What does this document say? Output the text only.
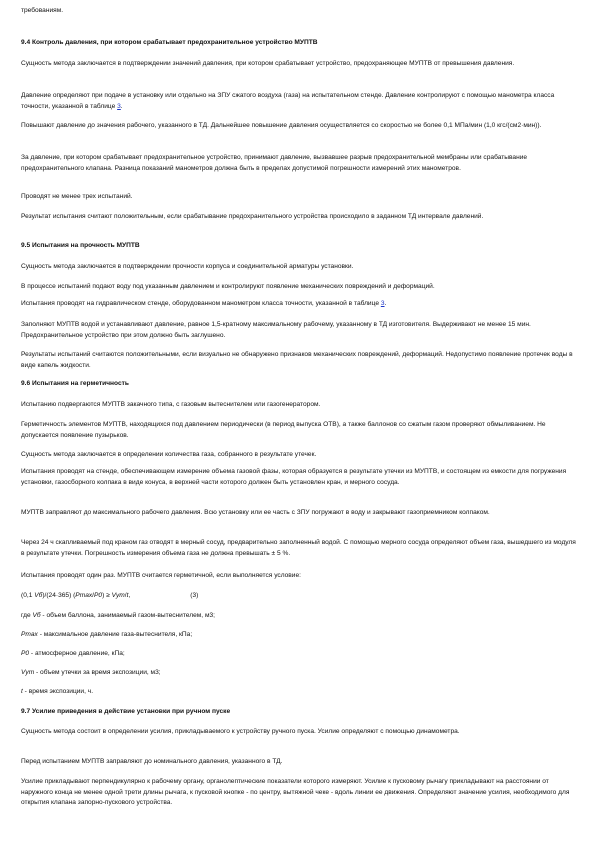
требованиям.

9.4 Контроль давления, при котором срабатывает предохранительное устройство МУПТВ

Сущность метода заключается в подтверждении значений давления, при котором срабатывает устройство, предохраняющее МУПТВ от превышения давления.

Давление определяют при подаче в установку или отдельно на ЗПУ сжатого воздуха (газа) на испытательном стенде. Давление контролируют с помощью манометра класса точности, указанной в таблице 3.

Повышают давление до значения рабочего, указанного в ТД. Дальнейшее повышение давления осуществляется со скоростью не более 0,1 МПа/мин (1,0 кгс/(см2·мин)).

За давление, при котором срабатывает предохранительное устройство, принимают давление, вызвавшее разрыв предохранительной мембраны или срабатывание предохранительного клапана. Разница показаний манометров должна быть в пределах допустимой погрешности измерений этих манометров.

Проводят не менее трех испытаний.

Результат испытания считают положительным, если срабатывание предохранительного устройства происходило в заданном ТД интервале давлений.

9.5 Испытания на прочность МУПТВ

Сущность метода заключается в подтверждении прочности корпуса и соединительной арматуры установки.

В процессе испытаний подают воду под указанным давлением и контролируют появление механических повреждений и деформаций.

Испытания проводят на гидравлическом стенде, оборудованном манометром класса точности, указанной в таблице 3.

Заполняют МУПТВ водой и устанавливают давление, равное 1,5-кратному максимальному рабочему, указанному в ТД изготовителя. Выдерживают не менее 15 мин. Предохранительное устройство при этом должно быть заглушено.

Результаты испытаний считаются положительными, если визуально не обнаружено признаков механических повреждений, деформаций. Недопустимо появление протечек воды в виде капель жидкости.

9.6 Испытания на герметичность

Испытанию подвергаются МУПТВ закачного типа, с газовым вытеснителем или газогенератором.

Герметичность элементов МУПТВ, находящихся под давлением периодически (в период выпуска ОТВ), а также баллонов со сжатым газом проверяют обмыливанием. Не допускается появление пузырьков.

Сущность метода заключается в определении количества газа, собранного в результате утечек.

Испытания проводят на стенде, обеспечивающем измерение объема газовой фазы, которая образуется в результате утечки из МУПТВ, и состоящем из емкости для погружения установки, газосборного колпака в виде конуса, в верхней части которого должен быть установлен кран, и мерного сосуда.

МУПТВ заправляют до максимального рабочего давления. Всю установку или ее часть с ЗПУ погружают в воду и закрывают газоприемником колпаком.

Через 24 ч скапливаемый под краном газ отводят в мерный сосуд, предварительно заполненный водой. С помощью мерного сосуда определяют объем газа, вышедшего из модуля в результате утечки. Погрешность измерения объема газа не должна превышать ± 5 %.

Испытания проводят один раз. МУПТВ считается герметичной, если выполняется условие:

(0,1 Vб)/(24·365) (Pmax/P0) ≥ Vут/t,	(3)

где Vб - объем баллона, занимаемый газом-вытеснителем, м3;

Pmax - максимальное давление газа-вытеснителя, кПа;

P0 - атмосферное давление, кПа;

Vут - объем утечки за время экспозиции, м3;

t - время экспозиции, ч.

9.7 Усилие приведения в действие установки при ручном пуске

Сущность метода состоит в определении усилия, прикладываемого к устройству ручного пуска. Усилие определяют с помощью динамометра.

Перед испытанием МУПТВ заправляют до номинального давления, указанного в ТД.

Усилие прикладывают перпендикулярно к рабочему органу, органолептические показатели которого измеряют. Усилие к пусковому рычагу прикладывают на расстоянии от наружного конца не менее одной трети длины рычага, к пусковой кнопке - по центру, вытяжной чеке - вдоль линии ее движения. Определяют значение усилия, необходимого для открытия клапана запорно-пускового устройства.
